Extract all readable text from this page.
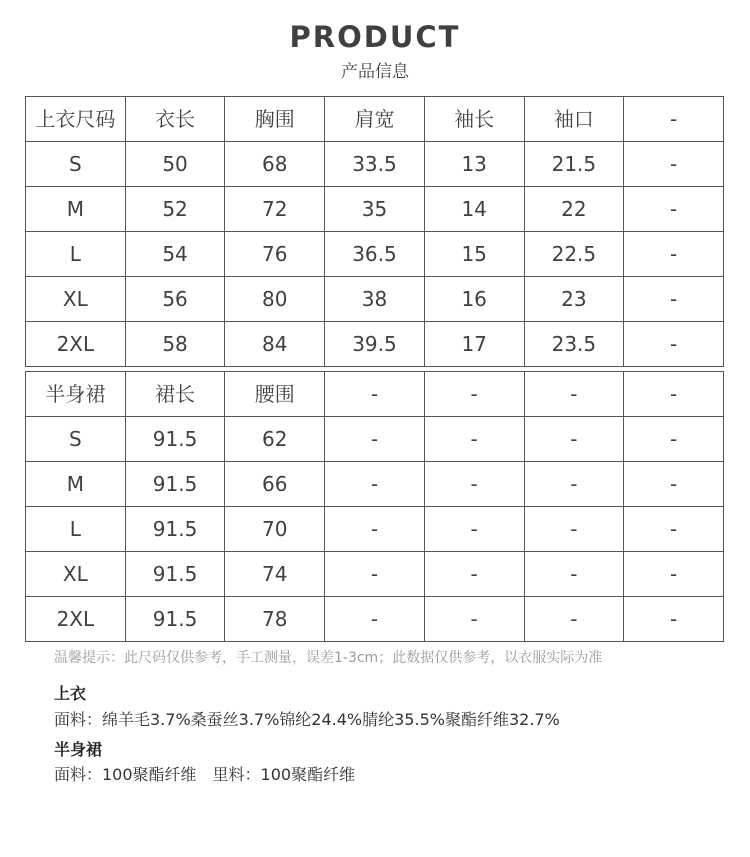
PRODUCT
产品信息
上衣尺码	衣长	胸围	肩宽	袖长	袖口	-
S	50	68	33.5	13	21.5	-
M	52	72	35	14	22	-
L	54	76	36.5	15	22.5	-
XL	56	80	38	16	23	-
2XL	58	84	39.5	17	23.5	-
半身裙	裙长	腰围	-	-	-	-
S	91.5	62	-	-	-	-
M	91.5	66	-	-	-	-
L	91.5	70	-	-	-	-
XL	91.5	74	-	-	-	-
2XL	91.5	78	-	-	-	-
温馨提示：此尺码仅供参考，手工测量，误差1-3cm；此数据仅供参考，以衣服实际为准
上衣
面料：绵羊毛3.7%桑蚕丝3.7%锦纶24.4%腈纶35.5%聚酯纤维32.7%
半身裙
面料：100聚酯纤维　里料：100聚酯纤维
